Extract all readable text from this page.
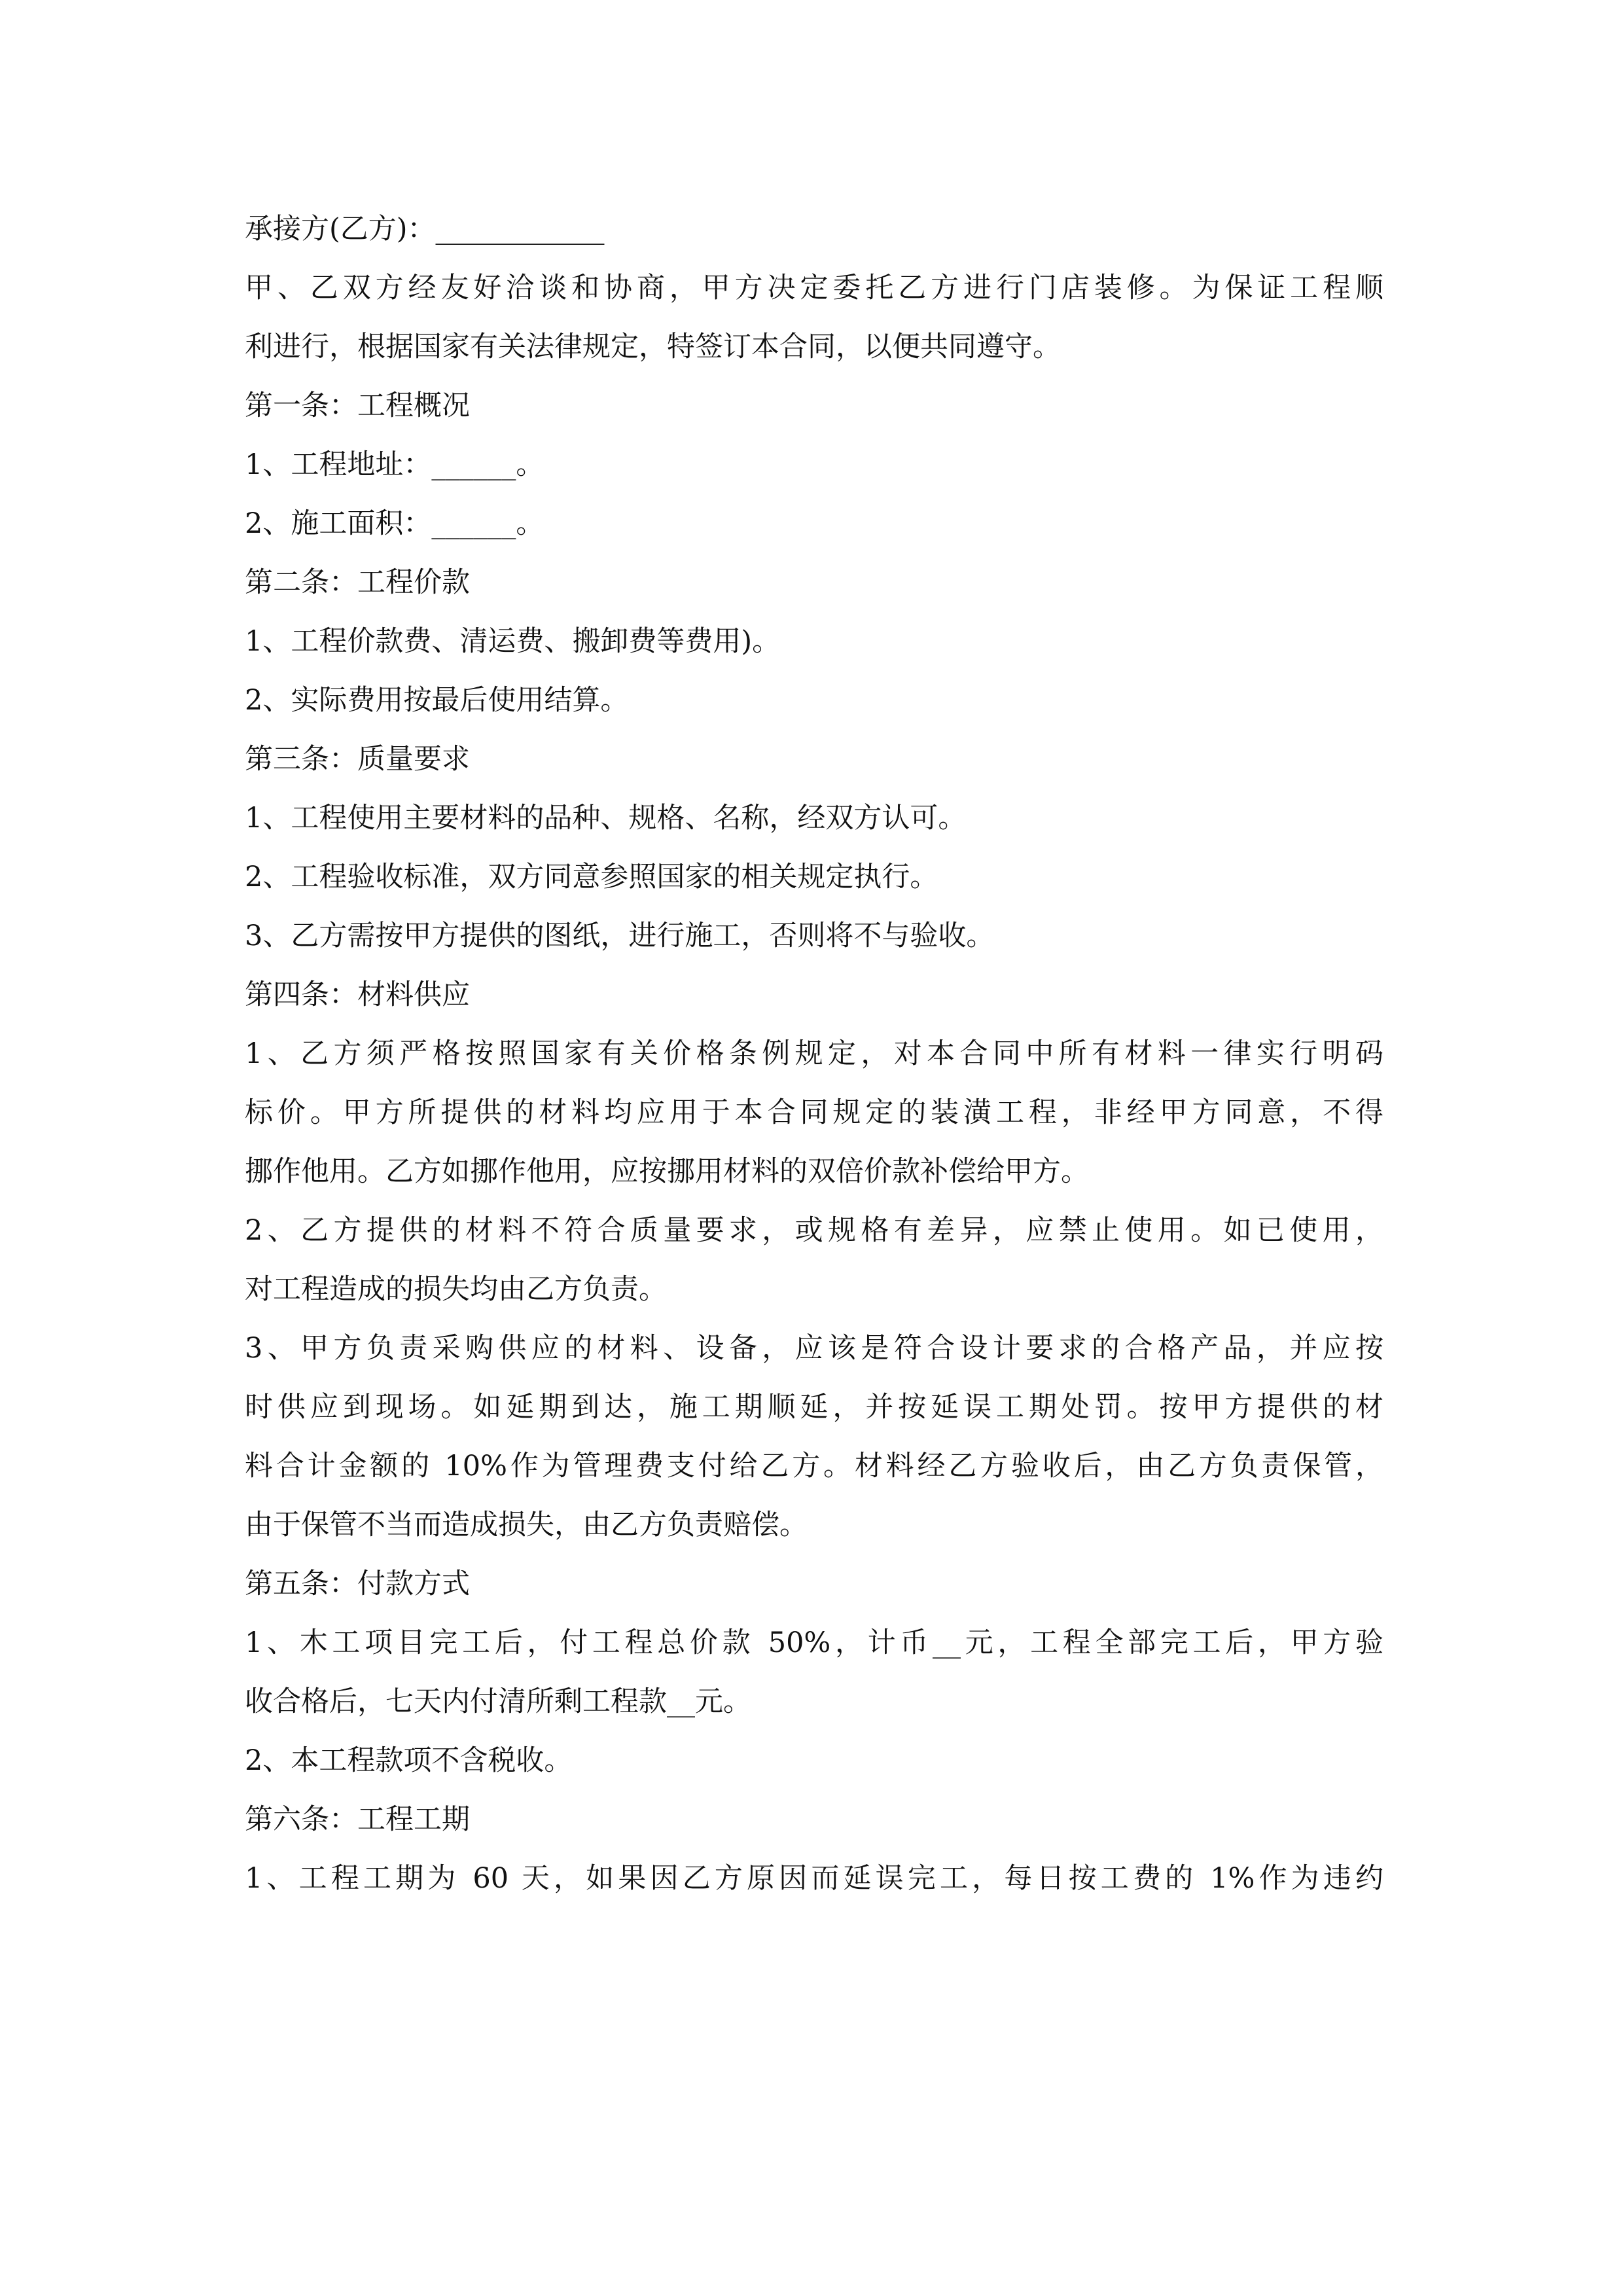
承接方(乙方)：____________
甲、乙双方经友好洽谈和协商，甲方决定委托乙方进行门店装修。为保证工程顺
利进行，根据国家有关法律规定，特签订本合同，以便共同遵守。
第一条：工程概况
1、工程地址：______。
2、施工面积：______。
第二条：工程价款
1、工程价款费、清运费、搬卸费等费用)。
2、实际费用按最后使用结算。
第三条：质量要求
1、工程使用主要材料的品种、规格、名称，经双方认可。
2、工程验收标准，双方同意参照国家的相关规定执行。
3、乙方需按甲方提供的图纸，进行施工，否则将不与验收。
第四条：材料供应
1、乙方须严格按照国家有关价格条例规定，对本合同中所有材料一律实行明码
标价。甲方所提供的材料均应用于本合同规定的装潢工程，非经甲方同意，不得
挪作他用。乙方如挪作他用，应按挪用材料的双倍价款补偿给甲方。
2、乙方提供的材料不符合质量要求，或规格有差异，应禁止使用。如已使用，
对工程造成的损失均由乙方负责。
3、甲方负责采购供应的材料、设备，应该是符合设计要求的合格产品，并应按
时供应到现场。如延期到达，施工期顺延，并按延误工期处罚。按甲方提供的材
料合计金额的 10%作为管理费支付给乙方。材料经乙方验收后，由乙方负责保管，
由于保管不当而造成损失，由乙方负责赔偿。
第五条：付款方式
1、木工项目完工后，付工程总价款 50%，计币__元，工程全部完工后，甲方验
收合格后，七天内付清所剩工程款__元。
2、本工程款项不含税收。
第六条：工程工期
1、工程工期为 60 天，如果因乙方原因而延误完工，每日按工费的 1%作为违约
